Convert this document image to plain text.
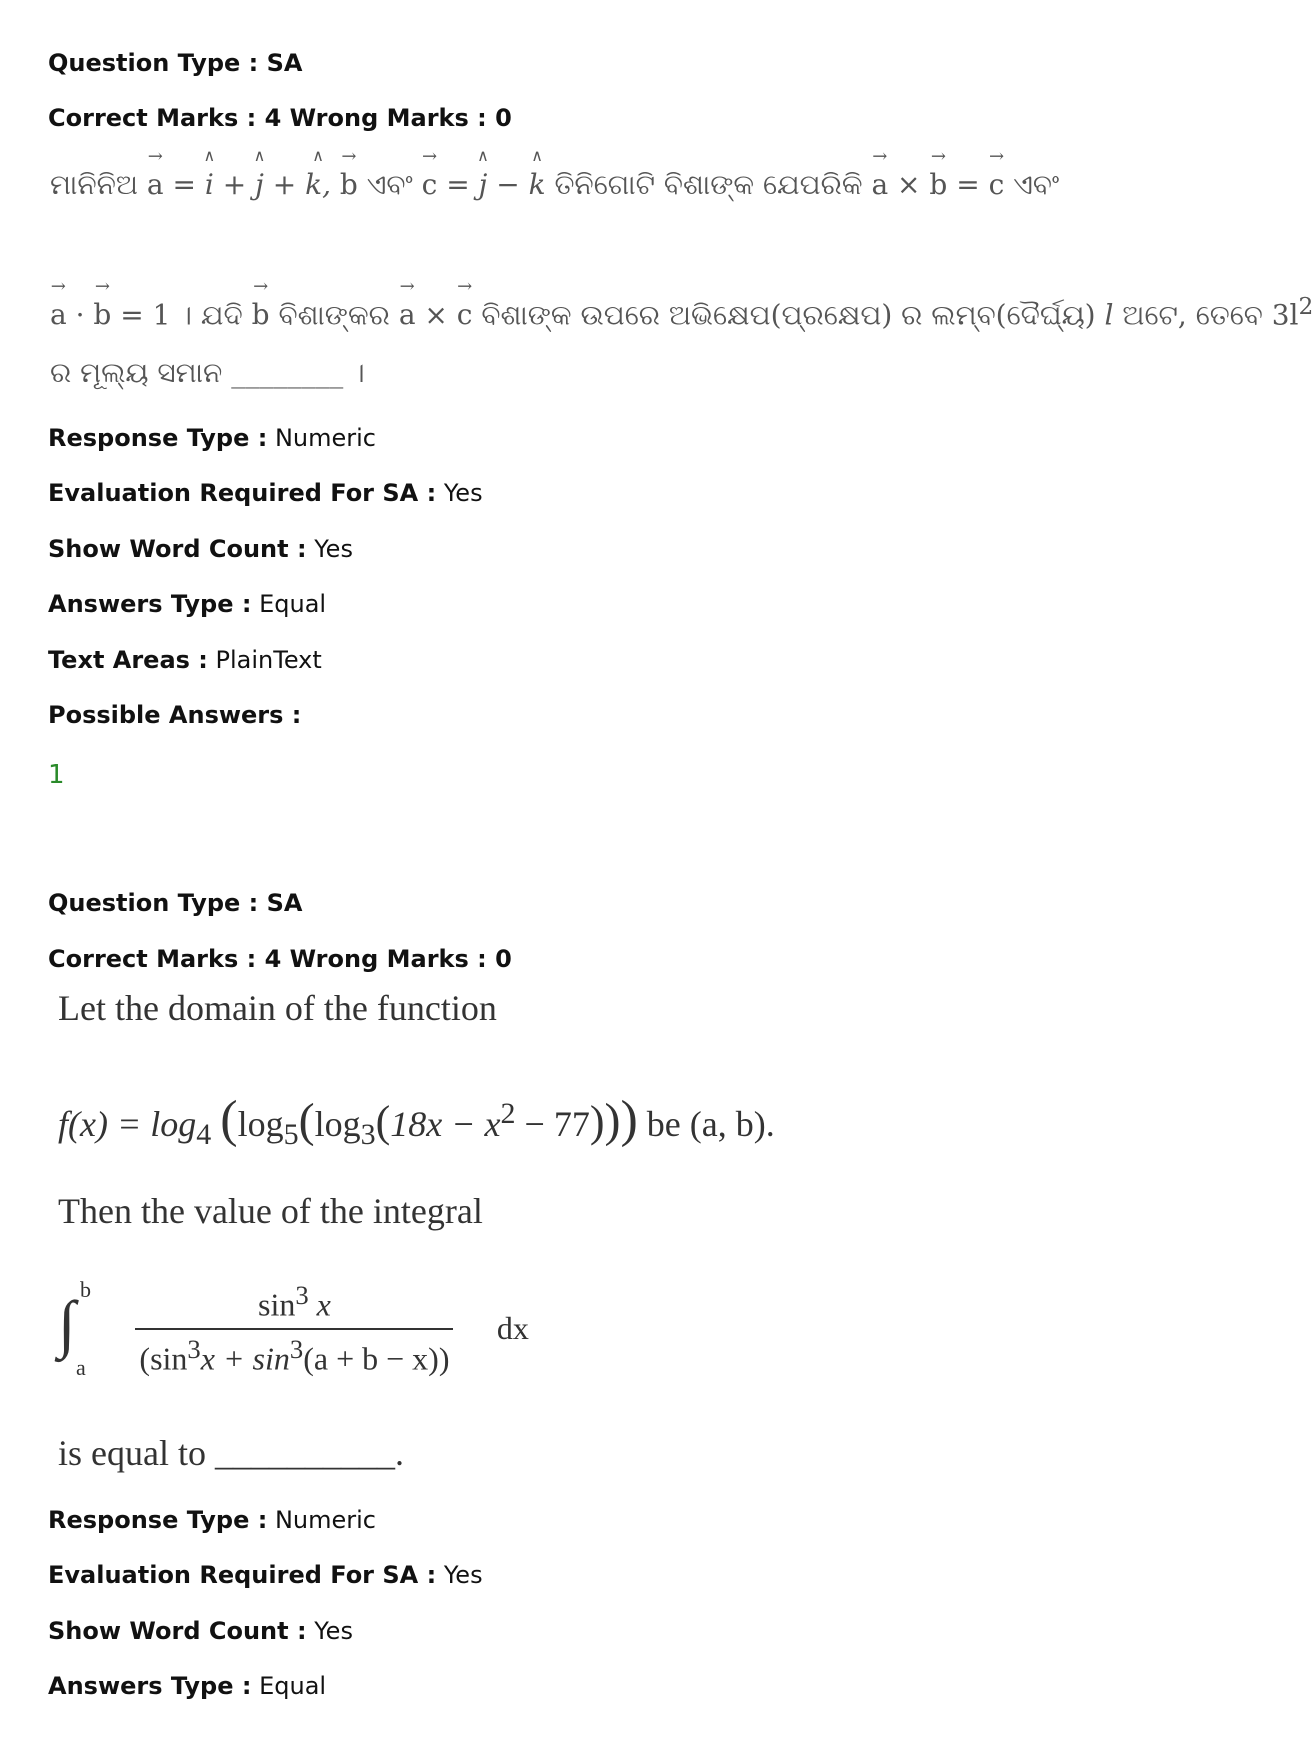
Question Type : SA
Correct Marks : 4 Wrong Marks : 0
ମାନିନିଅ → a = ∧ i + ∧ j + ∧ k, → b ଏବଂ → c = ∧ j − ∧ k ତିନିଗୋଟି ବିଶାଙ୍କ ଯେପରିକି → a × → b = → c ଏବଂ
→ a · → b = 1 । ଯଦି → b ବିଶାଙ୍କର → a × → c ବିଶାଙ୍କ ଉପରେ ଅଭିକ୍ଷେପ(ପ୍ରକ୍ଷେପ) ର ଲମ୍ବ(ଦୈର୍ଘ୍ୟ) l ଅଟେ, ତେବେ $3l^2$
ର ମୂଲ୍ୟ ସମାନ ________ ।
Response Type : Numeric
Evaluation Required For SA : Yes
Show Word Count : Yes
Answers Type : Equal
Text Areas : PlainText
Possible Answers :
1
Question Type : SA
Correct Marks : 4 Wrong Marks : 0
Let the domain of the function
$f(x) = \log_4 (\log_5(\log_3(18x - x^2 - 77)))$ be (a, b).
Then the value of the integral
∫ b
a $\frac{\sin^3 x}{(\sin^3x + \sin^3(a + b - x))}$ dx
is equal to __________.
Response Type : Numeric
Evaluation Required For SA : Yes
Show Word Count : Yes
Answers Type : Equal
